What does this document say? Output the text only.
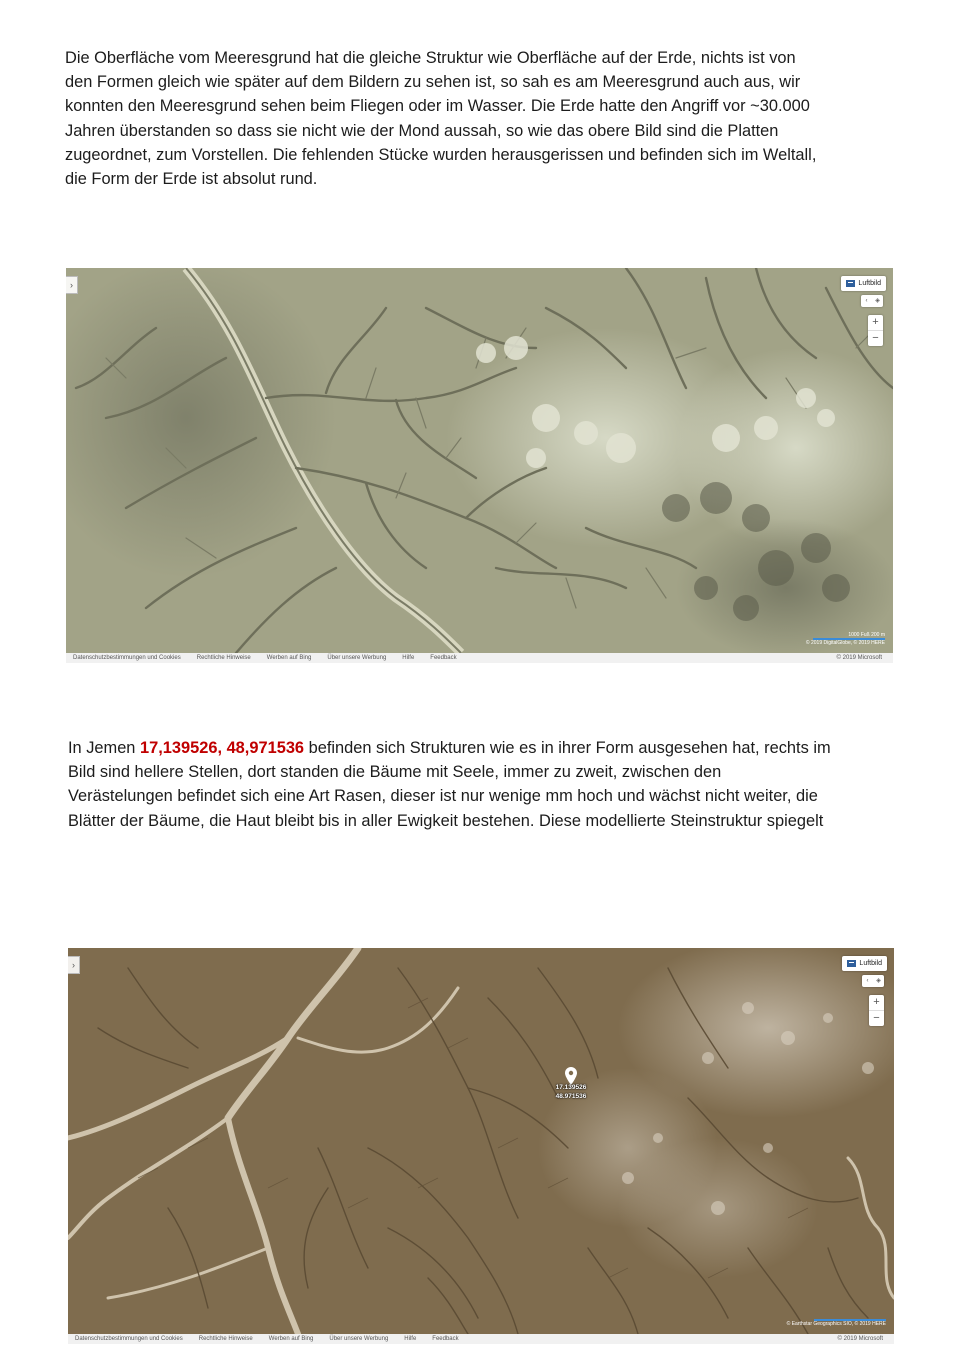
Die Oberfläche vom Meeresgrund hat die gleiche Struktur wie Oberfläche auf der Erde, nichts ist von
den Formen gleich wie später auf dem Bildern zu sehen ist, so sah es am Meeresgrund auch aus, wir
konnten den Meeresgrund sehen beim Fliegen oder im Wasser. Die Erde hatte den Angriff vor ~30.000
Jahren überstanden so dass sie nicht wie der Mond aussah, so wie das obere Bild sind die Platten
zugeordnet, zum Vorstellen. Die fehlenden Stücke wurden herausgerissen und befinden sich im Weltall,
die Form der Erde ist absolut rund.
›	Luftbild
‹	◈
+
−
1000 Fuß 200 m
© 2019 DigitalGlobe, © 2019 HERE
Datenschutzbestimmungen und Cookies	Rechtliche Hinweise	Werben auf Bing	Über unsere Werbung	Hilfe	Feedback	© 2019 Microsoft
In Jemen 17,139526, 48,971536 befinden sich Strukturen wie es in ihrer Form ausgesehen hat, rechts im
Bild sind hellere Stellen, dort standen die Bäume mit Seele, immer zu zweit, zwischen den
Verästelungen befindet sich eine Art Rasen, dieser ist nur wenige mm hoch und wächst nicht weiter, die
Blätter der Bäume, die Haut bleibt bis in aller Ewigkeit bestehen. Diese modellierte Steinstruktur spiegelt
17.139526
48.971536
›	Luftbild
‹	◈
+
−
© Earthstar Geographics SIO, © 2019 HERE
Datenschutzbestimmungen und Cookies	Rechtliche Hinweise	Werben auf Bing	Über unsere Werbung	Hilfe	Feedback	© 2019 Microsoft
